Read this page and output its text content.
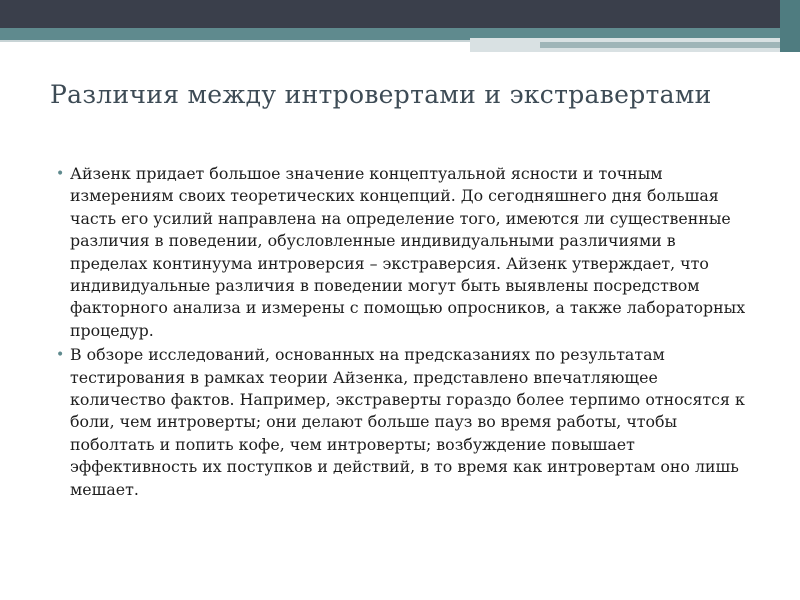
Различия между интровертами и экстравертами
• Айзенк придает большое значение концептуальной ясности и точным измерениям своих теоретических концепций. До сегодняшнего дня большая часть его усилий направлена на определение того, имеются ли существенные различия в поведении, обусловленные индивидуальными различиями в пределах континуума интроверсия – экстраверсия. Айзенк утверждает, что индивидуальные различия в поведении могут быть выявлены посредством факторного анализа и измерены с помощью опросников, а также лабораторных процедур.
• В обзоре исследований, основанных на предсказаниях по результатам тестирования в рамках теории Айзенка, представлено впечатляющее количество фактов. Например, экстраверты гораздо более терпимо относятся к боли, чем интроверты; они делают больше пауз во время работы, чтобы поболтать и попить кофе, чем интроверты; возбуждение повышает эффективность их поступков и действий, в то время как интровертам оно лишь мешает.
